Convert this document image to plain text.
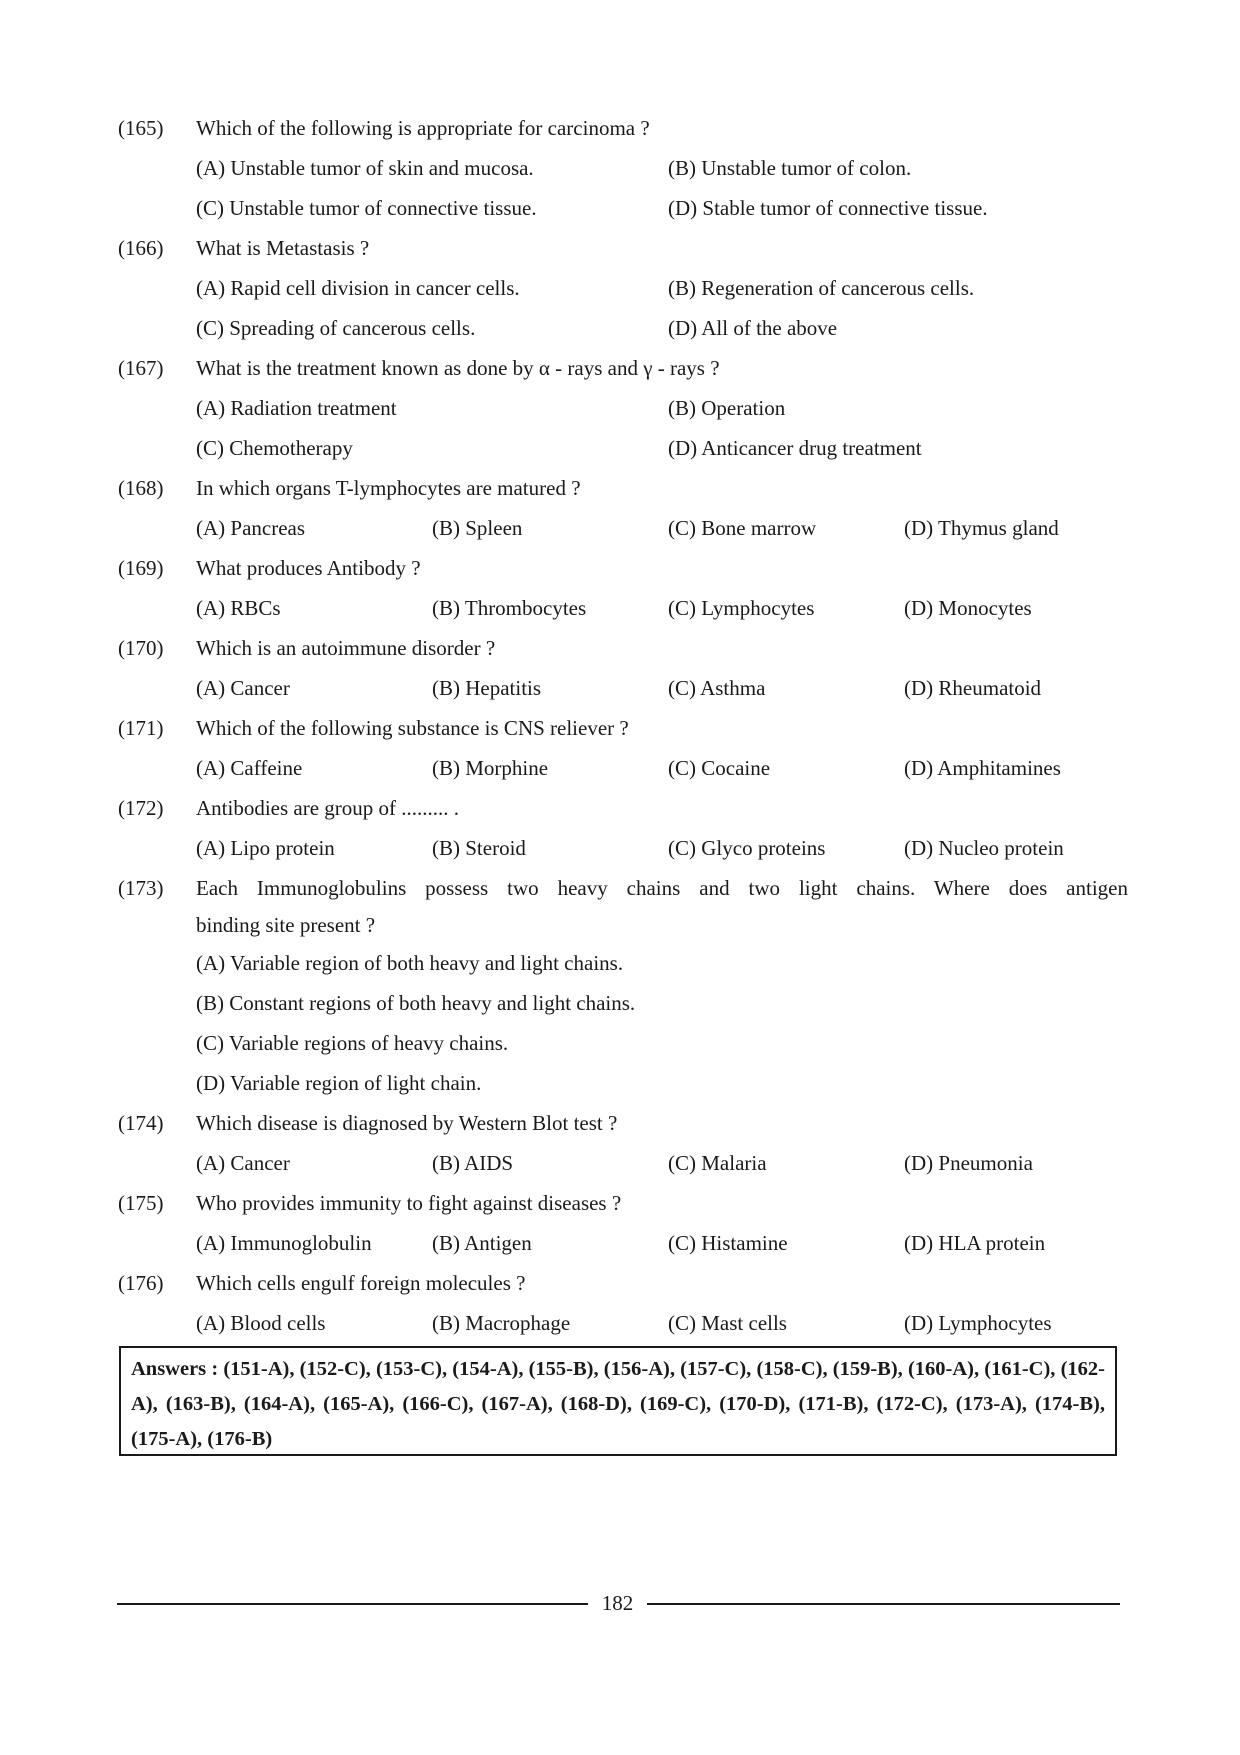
(165)	Which of the following is appropriate for carcinoma ?
(A) Unstable tumor of skin and mucosa.	(B) Unstable tumor of colon.
(C) Unstable tumor of connective tissue.	(D) Stable tumor of connective tissue.
(166)	What is Metastasis ?
(A) Rapid cell division in cancer cells.	(B) Regeneration of cancerous cells.
(C) Spreading of cancerous cells.	(D) All of the above
(167)	What is the treatment known as done by α - rays and γ - rays ?
(A) Radiation treatment	(B) Operation
(C) Chemotherapy	(D) Anticancer drug treatment
(168)	In which organs T-lymphocytes are matured ?
(A) Pancreas	(B) Spleen	(C) Bone marrow	(D) Thymus gland
(169)	What produces Antibody ?
(A) RBCs	(B) Thrombocytes	(C) Lymphocytes	(D) Monocytes
(170)	Which is an autoimmune disorder ?
(A) Cancer	(B) Hepatitis	(C) Asthma	(D) Rheumatoid
(171)	Which of the following substance is CNS reliever ?
(A) Caffeine	(B) Morphine	(C) Cocaine	(D) Amphitamines
(172)	Antibodies are group of ......... .
(A) Lipo protein	(B) Steroid	(C) Glyco proteins	(D) Nucleo protein
(173)	Each Immunoglobulins possess two heavy chains and two light chains. Where does antigen
binding site present ?
(A) Variable region of both heavy and light chains.
(B) Constant regions of both heavy and light chains.
(C) Variable regions of heavy chains.
(D) Variable region of light chain.
(174)	Which disease is diagnosed by Western Blot test ?
(A) Cancer	(B) AIDS	(C) Malaria	(D) Pneumonia
(175)	Who provides immunity to fight against diseases ?
(A) Immunoglobulin	(B) Antigen	(C) Histamine	(D) HLA protein
(176)	Which cells engulf foreign molecules ?
(A) Blood cells	(B) Macrophage	(C) Mast cells	(D) Lymphocytes
Answers : (151-A), (152-C), (153-C), (154-A), (155-B), (156-A), (157-C), (158-C), (159-B), (160-A), (161-C), (162-A), (163-B), (164-A), (165-A), (166-C), (167-A), (168-D), (169-C), (170-D), (171-B), (172-C), (173-A), (174-B), (175-A), (176-B)
182
